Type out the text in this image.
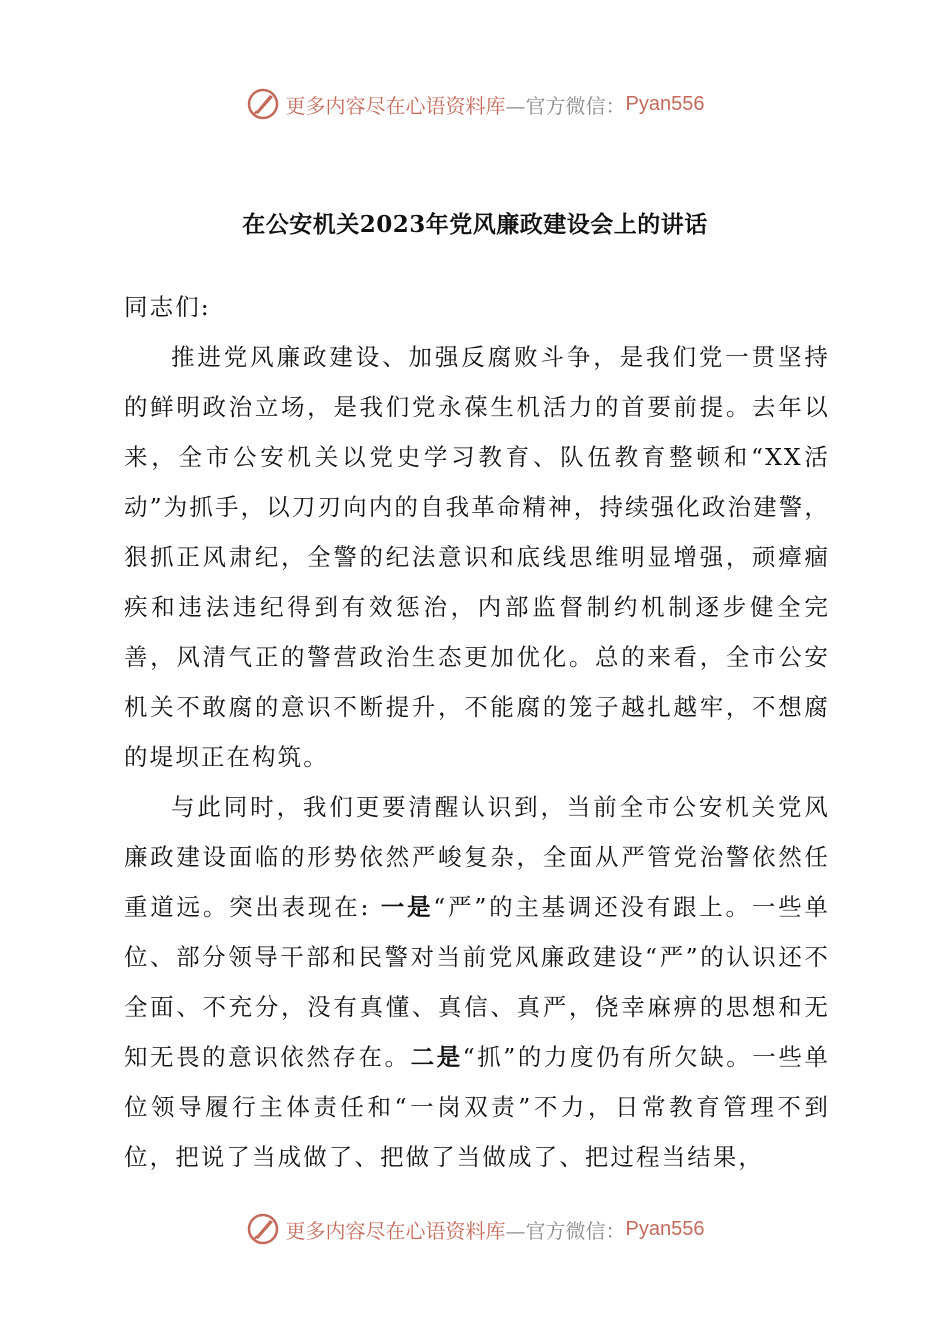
更多内容尽在心语资料库 —官方微信： Pyan556
在公安机关2023年党风廉政建设会上的讲话

同志们:

推进党风廉政建设、加强反腐败斗争，是我们党一贯坚持的鲜明政治立场，是我们党永葆生机活力的首要前提。去年以来，全市公安机关以党史学习教育、队伍教育整顿和“XX活动”为抓手，以刀刃向内的自我革命精神，持续强化政治建警，狠抓正风肃纪，全警的纪法意识和底线思维明显增强，顽瘴痼疾和违法违纪得到有效惩治，内部监督制约机制逐步健全完善，风清气正的警营政治生态更加优化。总的来看，全市公安机关不敢腐的意识不断提升，不能腐的笼子越扎越牢，不想腐的堤坝正在构筑。

与此同时，我们更要清醒认识到，当前全市公安机关党风廉政建设面临的形势依然严峻复杂，全面从严管党治警依然任重道远。突出表现在: 一是“严”的主基调还没有跟上。一些单位、部分领导干部和民警对当前党风廉政建设“严”的认识还不全面、不充分，没有真懂、真信、真严，侥幸麻痹的思想和无知无畏的意识依然存在。二是“抓”的力度仍有所欠缺。一些单位领导履行主体责任和“一岗双责”不力，日常教育管理不到位，把说了当成做了、把做了当做成了、把过程当结果，

更多内容尽在心语资料库 —官方微信： Pyan556
